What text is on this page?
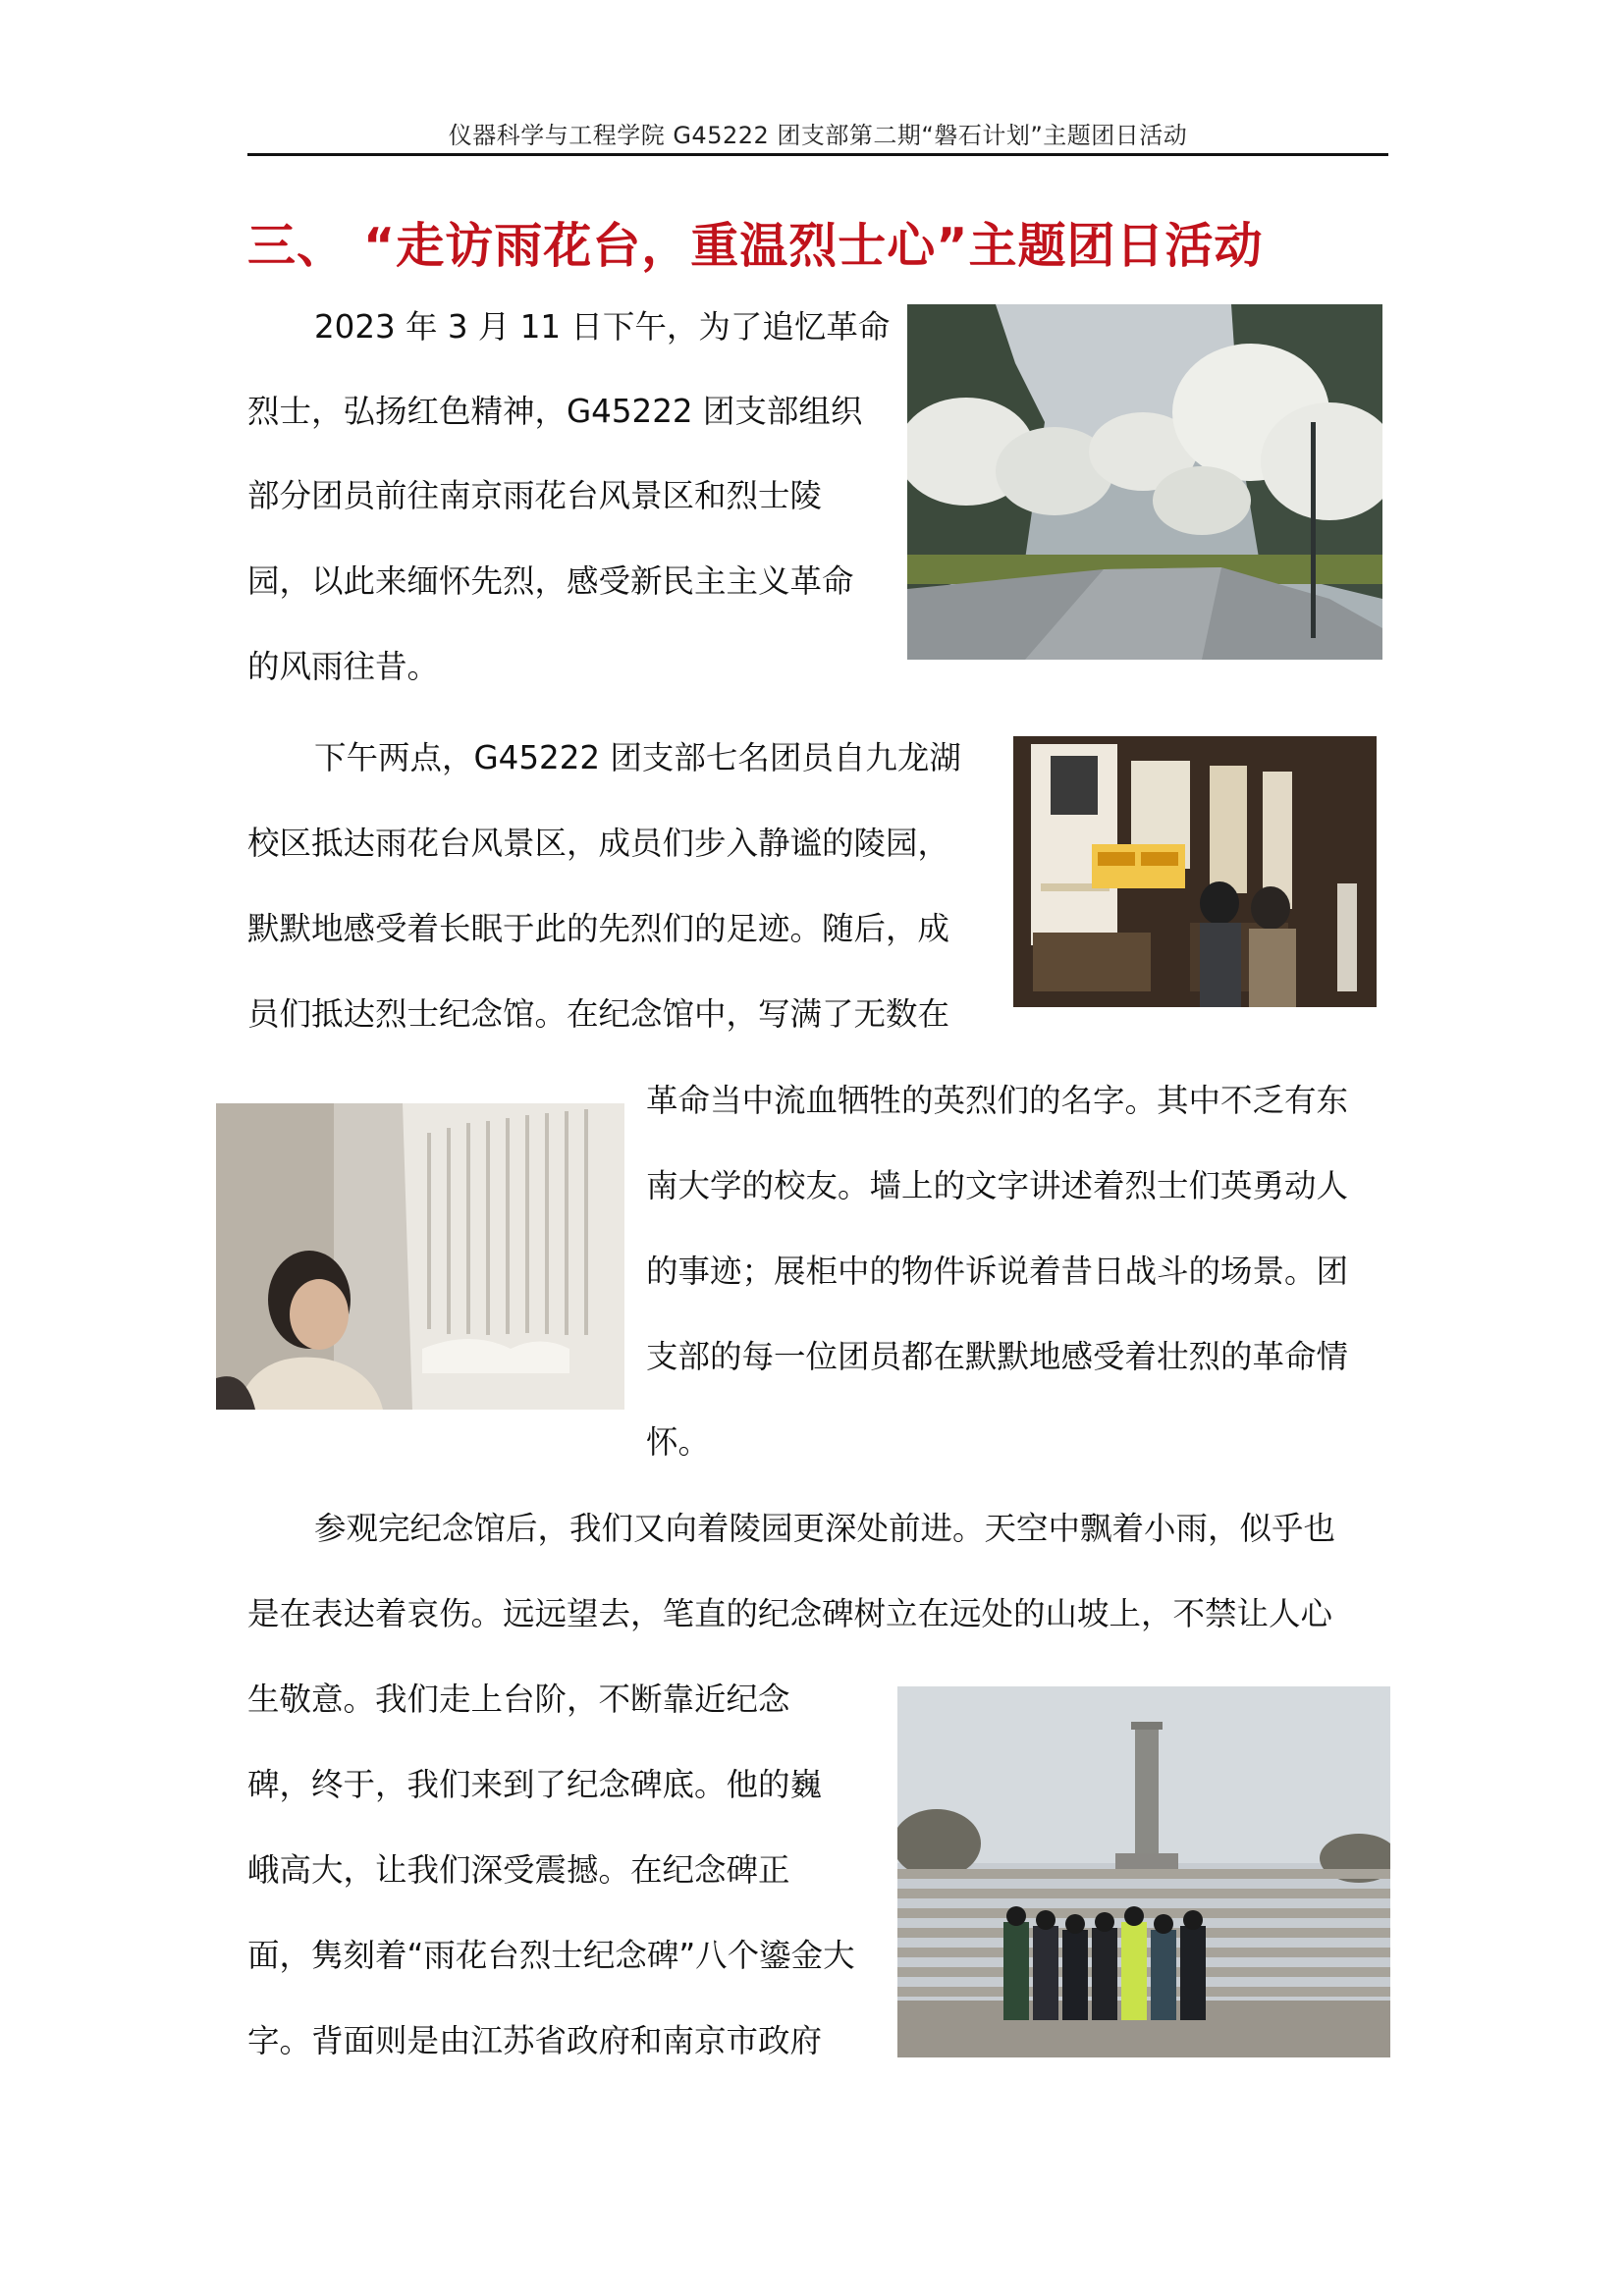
仪器科学与工程学院 G45222 团支部第二期“磐石计划”主题团日活动
三、 “走访雨花台，重温烈士心”主题团日活动
2023 年 3 月 11 日下午，为了追忆革命
烈士，弘扬红色精神，G45222 团支部组织
部分团员前往南京雨花台风景区和烈士陵
园，以此来缅怀先烈，感受新民主主义革命
的风雨往昔。
下午两点，G45222 团支部七名团员自九龙湖
校区抵达雨花台风景区，成员们步入静谧的陵园，
默默地感受着长眠于此的先烈们的足迹。随后，成
员们抵达烈士纪念馆。在纪念馆中，写满了无数在
革命当中流血牺牲的英烈们的名字。其中不乏有东
南大学的校友。墙上的文字讲述着烈士们英勇动人
的事迹；展柜中的物件诉说着昔日战斗的场景。团
支部的每一位团员都在默默地感受着壮烈的革命情
怀。
参观完纪念馆后，我们又向着陵园更深处前进。天空中飘着小雨，似乎也
是在表达着哀伤。远远望去，笔直的纪念碑树立在远处的山坡上，不禁让人心
生敬意。我们走上台阶，不断靠近纪念
碑，终于，我们来到了纪念碑底。他的巍
峨高大，让我们深受震撼。在纪念碑正
面，隽刻着“雨花台烈士纪念碑”八个鎏金大
字。背面则是由江苏省政府和南京市政府
